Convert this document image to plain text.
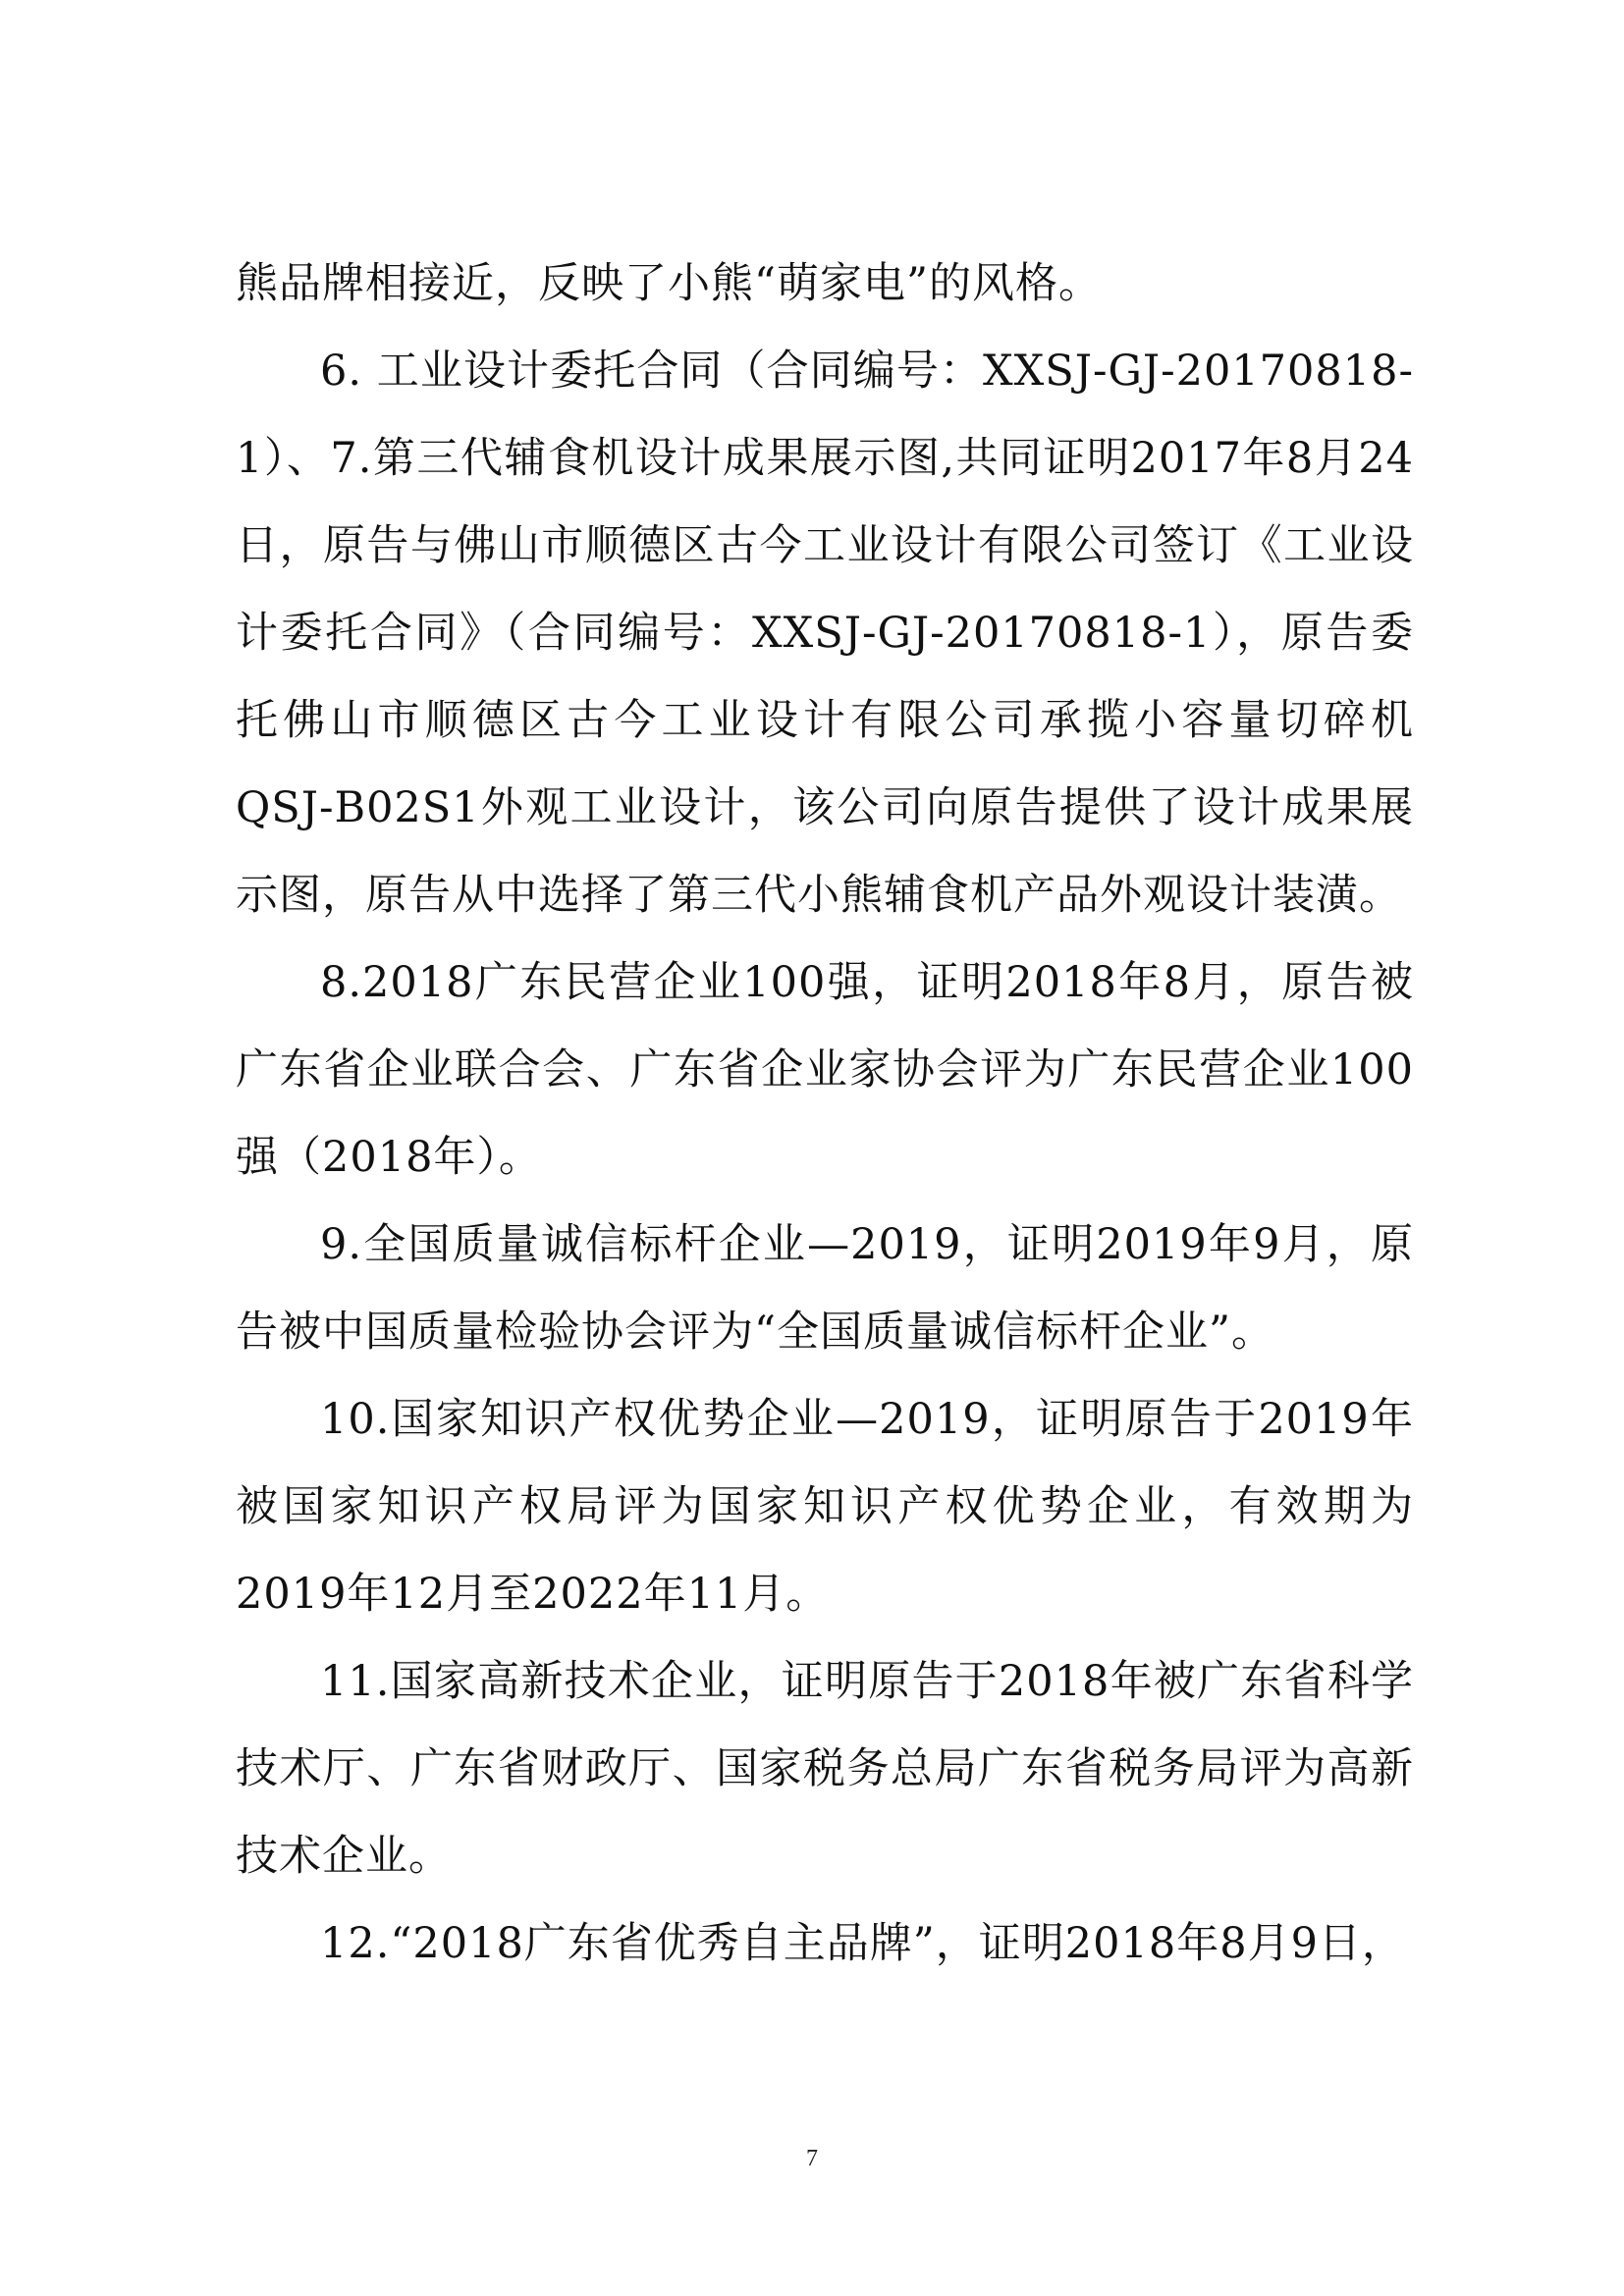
熊品牌相接近，反映了小熊“萌家电”的风格。

6. 工业设计委托合同（合同编号：XXSJ-GJ-20170818-1）、7.第三代辅食机设计成果展示图,共同证明2017年8月24日，原告与佛山市顺德区古今工业设计有限公司签订《工业设计委托合同》（合同编号：XXSJ-GJ-20170818-1），原告委托佛山市顺德区古今工业设计有限公司承揽小容量切碎机QSJ-B02S1外观工业设计，该公司向原告提供了设计成果展示图，原告从中选择了第三代小熊辅食机产品外观设计装潢。

8.2018广东民营企业100强，证明2018年8月，原告被广东省企业联合会、广东省企业家协会评为广东民营企业100强（2018年）。

9.全国质量诚信标杆企业—2019，证明2019年9月，原告被中国质量检验协会评为“全国质量诚信标杆企业”。

10.国家知识产权优势企业—2019，证明原告于2019年被国家知识产权局评为国家知识产权优势企业，有效期为2019年12月至2022年11月。

11.国家高新技术企业，证明原告于2018年被广东省科学技术厅、广东省财政厅、国家税务总局广东省税务局评为高新技术企业。

12.“2018广东省优秀自主品牌”，证明2018年8月9日，

7
